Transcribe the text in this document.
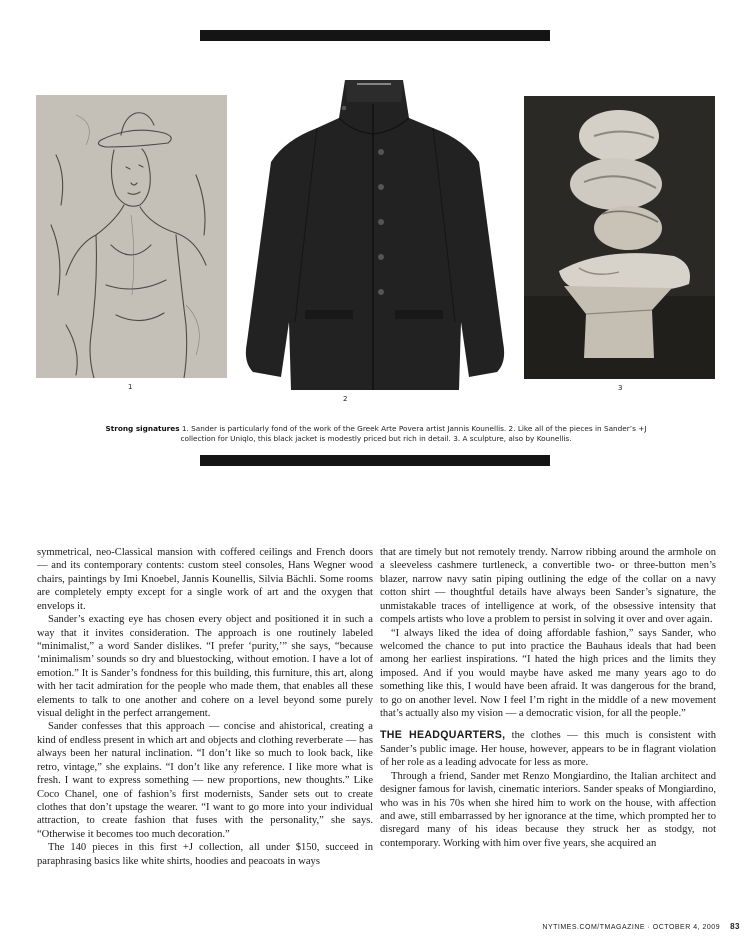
1
2
3
Strong signatures 1. Sander is particularly fond of the work of the Greek Arte Povera artist Jannis Kounellis. 2. Like all of the pieces in Sander’s +J collection for Uniqlo, this black jacket is modestly priced but rich in detail. 3. A sculpture, also by Kounellis.

symmetrical, neo-Classical mansion with coffered ceilings and French doors — and its contemporary contents: custom steel consoles, Hans Wegner wood chairs, paintings by Imi Knoebel, Jannis Kounellis, Silvia Bächli. Some rooms are completely empty except for a single work of art and the oxygen that envelops it.

Sander’s exacting eye has chosen every object and positioned it in such a way that it invites consideration. The approach is one routinely labeled “minimalist,” a word Sander dislikes. “I prefer ‘purity,’” she says, “because ‘minimalism’ sounds so dry and bluestocking, without emotion. I have a lot of emotion.” It is Sander’s fondness for this building, this furniture, this art, along with her tacit admiration for the people who made them, that enables all these elements to talk to one another and cohere on a level beyond some purely visual delight in the perfect arrangement.

Sander confesses that this approach — concise and ahistorical, creating a kind of endless present in which art and objects and clothing reverberate — has always been her natural inclination. “I don’t like so much to look back, like retro, vintage,” she explains. “I don’t like any reference. I like more what is fresh. I want to express something — new proportions, new thoughts.” Like Coco Chanel, one of fashion’s first modernists, Sander sets out to create clothes that don’t upstage the wearer. “I want to go more into your individual attraction, to create fashion that fuses with the personality,” she says. “Otherwise it becomes too much decoration.”

The 140 pieces in this first +J collection, all under $150, succeed in paraphrasing basics like white shirts, hoodies and peacoats in ways

that are timely but not remotely trendy. Narrow ribbing around the armhole on a sleeveless cashmere turtleneck, a convertible two- or three-button men’s blazer, narrow navy satin piping outlining the edge of the collar on a navy cotton shirt — thoughtful details have always been Sander’s signature, the unmistakable traces of intelligence at work, of the obsessive intensity that compels artists who love a problem to persist in solving it over and over again.

“I always liked the idea of doing affordable fashion,” says Sander, who welcomed the chance to put into practice the Bauhaus ideals that had been among her earliest inspirations. “I hated the high prices and the limits they imposed. And if you would maybe have asked me many years ago to do something like this, I would have been afraid. It was dangerous for the brand, to go on another level. Now I feel I’m right in the middle of a new movement that’s actually also my vision — a democratic vision, for all the people.”

THE HEADQUARTERS, the clothes — this much is consistent with Sander’s public image. Her house, however, appears to be in flagrant violation of her role as a leading advocate for less as more.

Through a friend, Sander met Renzo Mongiardino, the Italian architect and designer famous for lavish, cinematic interiors. Sander speaks of Mongiardino, who was in his 70s when she hired him to work on the house, with affection and awe, still embarrassed by her ignorance at the time, which prompted her to disregard many of his ideas because they struck her as stodgy, not contemporary. Working with him over five years, she acquired an

NYTIMES.COM/TMAGAZINE · OCTOBER 4, 2009 83
